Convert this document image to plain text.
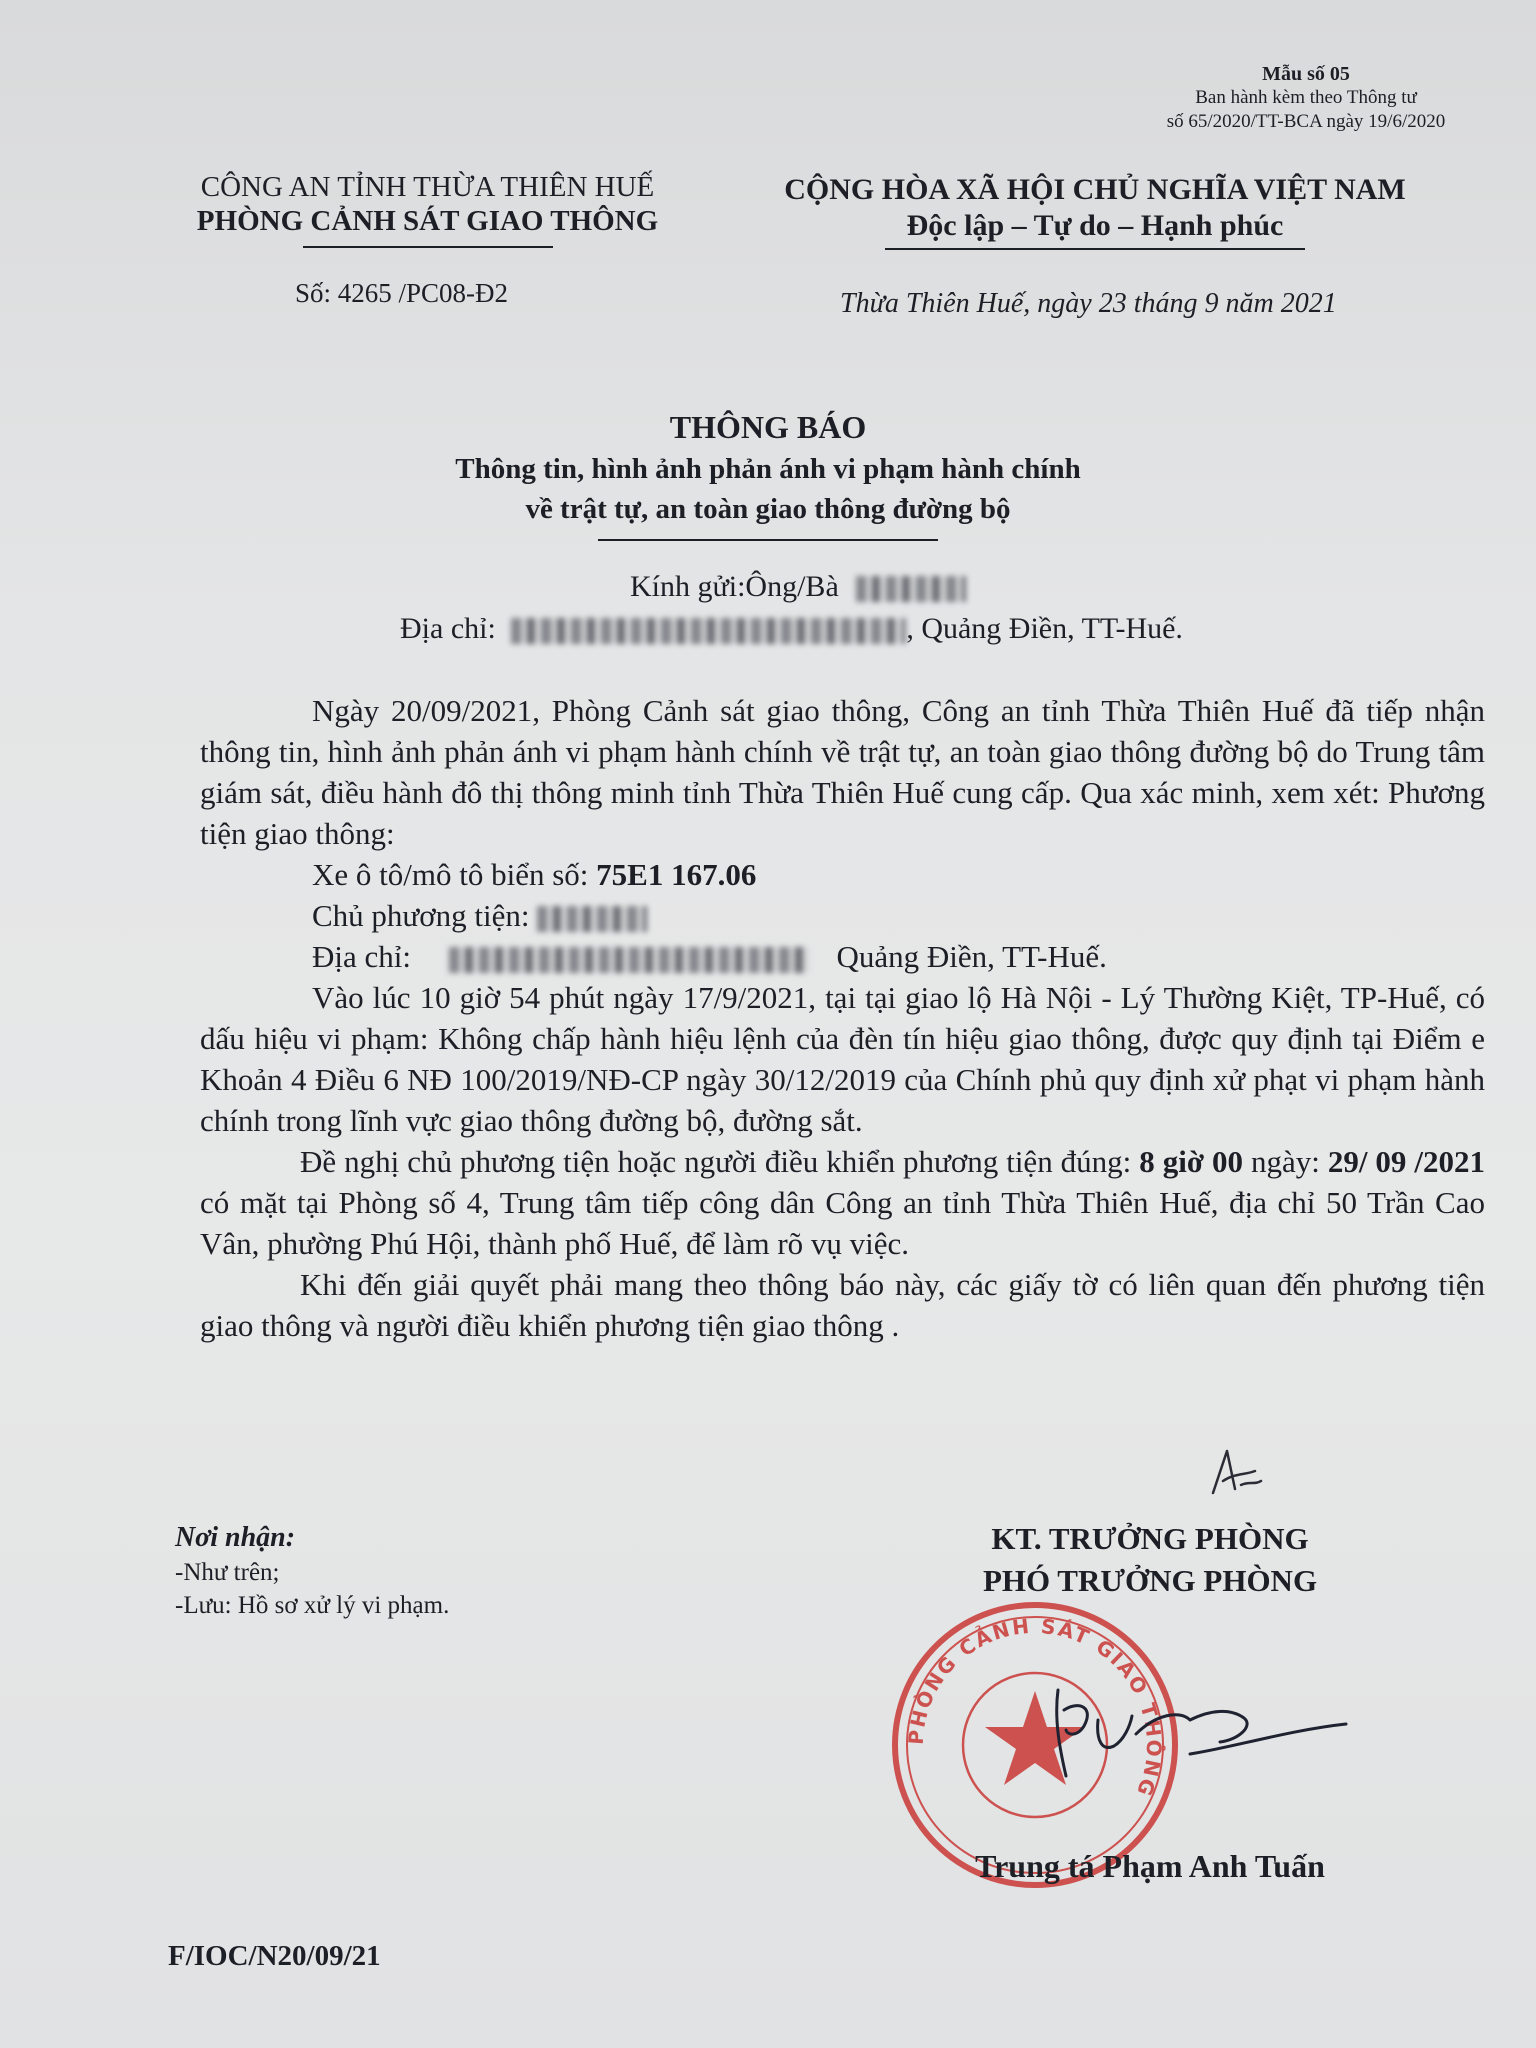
Mẫu số 05
Ban hành kèm theo Thông tư
số 65/2020/TT-BCA ngày 19/6/2020
CÔNG AN TỈNH THỪA THIÊN HUẾ
PHÒNG CẢNH SÁT GIAO THÔNG
Số: 4265 /PC08-Đ2
CỘNG HÒA XÃ HỘI CHỦ NGHĨA VIỆT NAM
Độc lập – Tự do – Hạnh phúc
Thừa Thiên Huế, ngày 23 tháng 9 năm 2021
THÔNG BÁO
Thông tin, hình ảnh phản ánh vi phạm hành chính
về trật tự, an toàn giao thông đường bộ
Kính gửi:Ông/Bà
Địa chỉ:	, Quảng Điền, TT-Huế.

Ngày 20/09/2021, Phòng Cảnh sát giao thông, Công an tỉnh Thừa Thiên Huế đã tiếp nhận thông tin, hình ảnh phản ánh vi phạm hành chính về trật tự, an toàn giao thông đường bộ do Trung tâm giám sát, điều hành đô thị thông minh tỉnh Thừa Thiên Huế cung cấp. Qua xác minh, xem xét: Phương tiện giao thông:

Xe ô tô/mô tô biển số: 75E1 167.06
Chủ phương tiện:
Địa chỉ:	Quảng Điền, TT-Huế.

Vào lúc 10 giờ 54 phút ngày 17/9/2021, tại tại giao lộ Hà Nội - Lý Thường Kiệt, TP-Huế, có dấu hiệu vi phạm: Không chấp hành hiệu lệnh của đèn tín hiệu giao thông, được quy định tại Điểm e Khoản 4 Điều 6 NĐ 100/2019/NĐ-CP ngày 30/12/2019 của Chính phủ quy định xử phạt vi phạm hành chính trong lĩnh vực giao thông đường bộ, đường sắt.

Đề nghị chủ phương tiện hoặc người điều khiển phương tiện đúng: 8 giờ 00 ngày: 29/ 09 /2021 có mặt tại Phòng số 4, Trung tâm tiếp công dân Công an tỉnh Thừa Thiên Huế, địa chỉ 50 Trần Cao Vân, phường Phú Hội, thành phố Huế, để làm rõ vụ việc.

Khi đến giải quyết phải mang theo thông báo này, các giấy tờ có liên quan đến phương tiện giao thông và người điều khiển phương tiện giao thông .

Nơi nhận:
-Như trên;
-Lưu: Hồ sơ xử lý vi phạm.
KT. TRƯỞNG PHÒNG
PHÓ TRƯỞNG PHÒNG
PHÒNG CẢNH SÁT GIAO THÔNG
Trung tá Phạm Anh Tuấn
F/IOC/N20/09/21
